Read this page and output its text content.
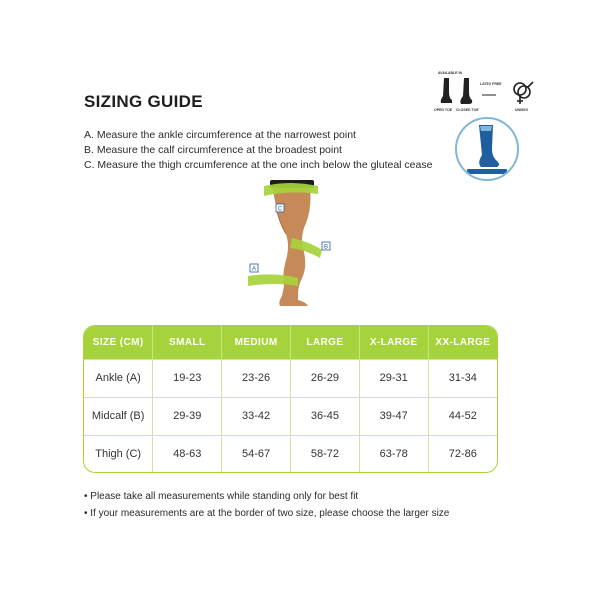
SIZING GUIDE
A. Measure the ankle circumference at the narrowest point
B. Measure the calf circumference at the broadest point
C. Measure the thigh crcumference at the one inch below the gluteal cease
AVAILABLE IN
OPEN TOE CLOSED TOE
LATEX FREE
UNISEX
C
B
A
SIZE (CM)	SMALL	MEDIUM	LARGE	X-LARGE	XX-LARGE
Ankle (A)	19-23	23-26	26-29	29-31	31-34
Midcalf (B)	29-39	33-42	36-45	39-47	44-52
Thigh (C)	48-63	54-67	58-72	63-78	72-86
• Please take all measurements while standing only for best fit
• If your measurements are at the border of two size, please choose the larger size
